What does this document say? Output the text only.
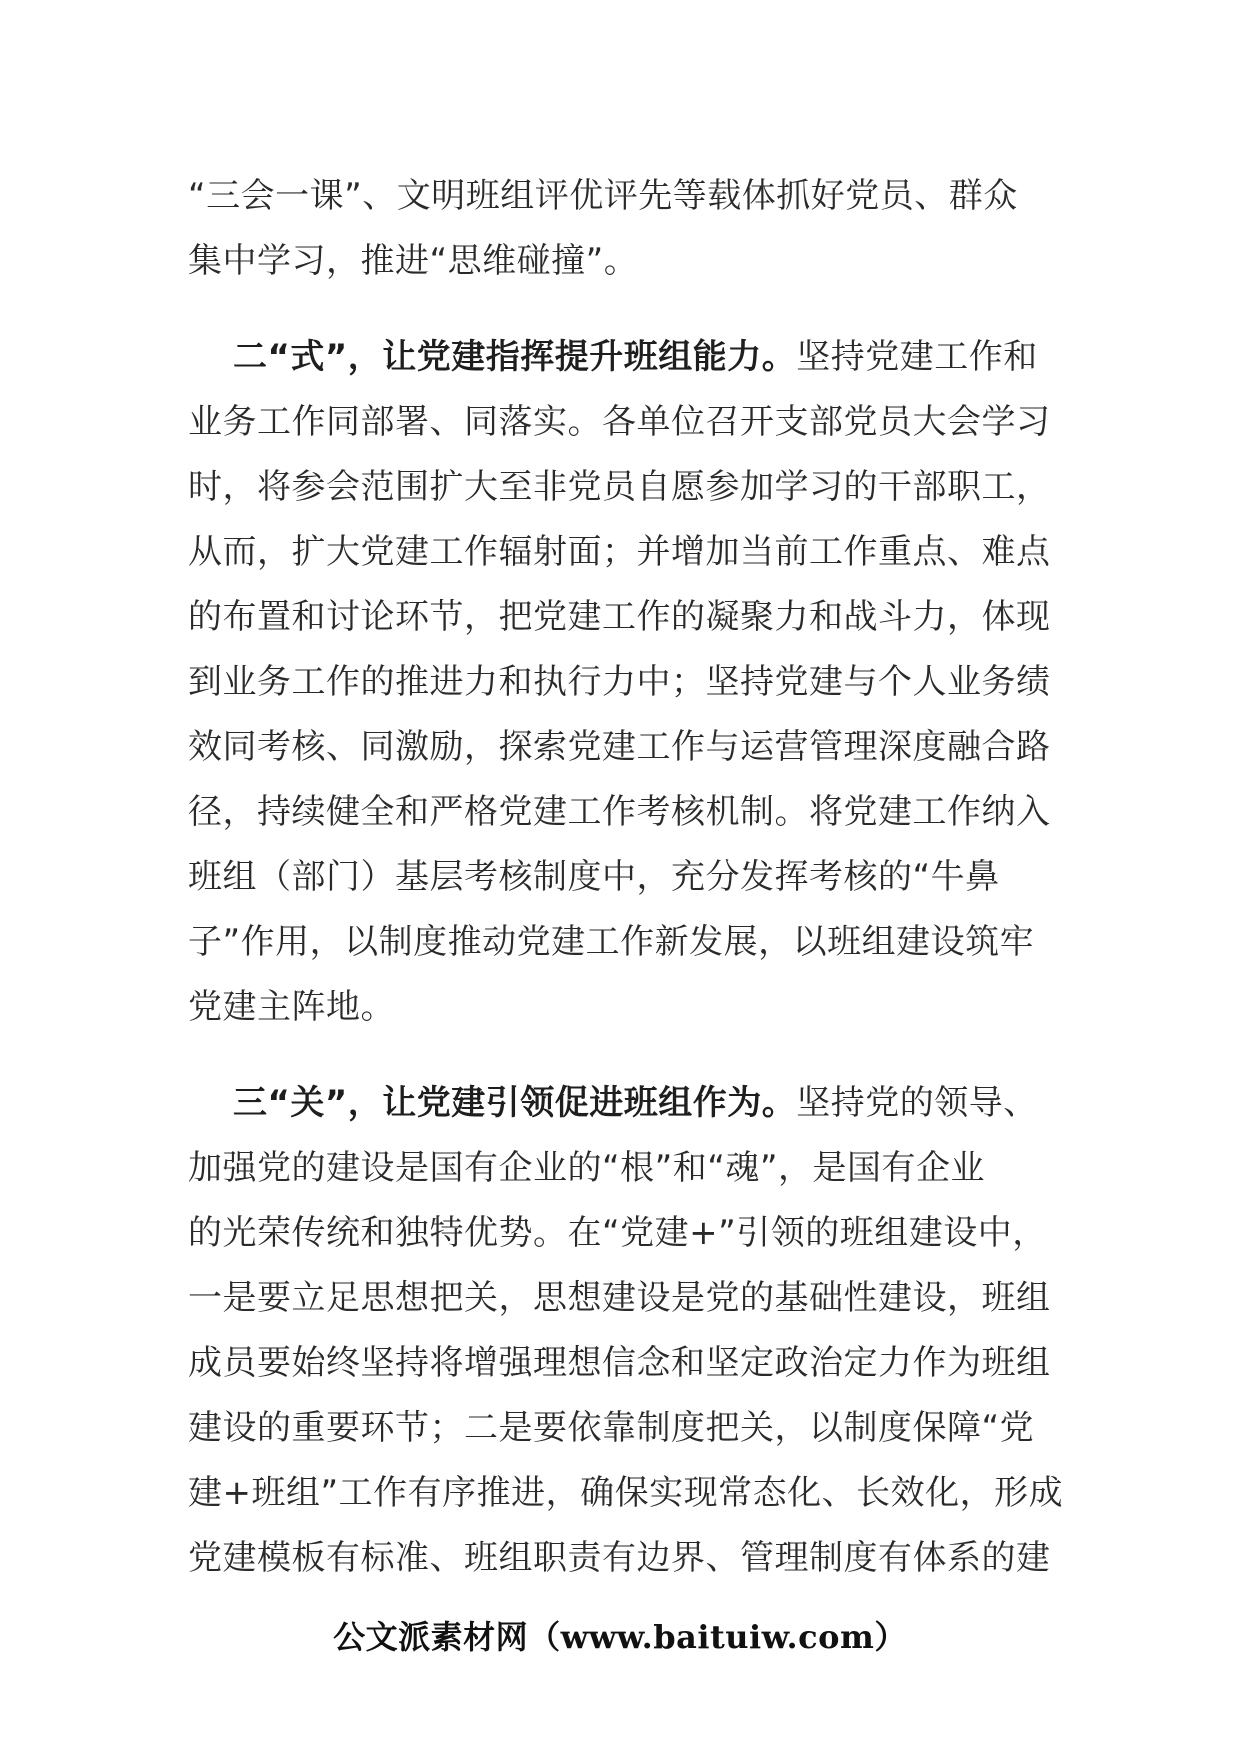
“三会一课”、文明班组评优评先等载体抓好党员、群众
集中学习，推进“思维碰撞”。
二“式”，让党建指挥提升班组能力。坚持党建工作和
业务工作同部署、同落实。各单位召开支部党员大会学习
时，将参会范围扩大至非党员自愿参加学习的干部职工，
从而，扩大党建工作辐射面；并增加当前工作重点、难点
的布置和讨论环节，把党建工作的凝聚力和战斗力，体现
到业务工作的推进力和执行力中；坚持党建与个人业务绩
效同考核、同激励，探索党建工作与运营管理深度融合路
径，持续健全和严格党建工作考核机制。将党建工作纳入
班组（部门）基层考核制度中，充分发挥考核的“牛鼻
子”作用，以制度推动党建工作新发展，以班组建设筑牢
党建主阵地。
三“关”，让党建引领促进班组作为。坚持党的领导、
加强党的建设是国有企业的“根”和“魂”，是国有企业
的光荣传统和独特优势。在“党建+”引领的班组建设中，
一是要立足思想把关，思想建设是党的基础性建设，班组
成员要始终坚持将增强理想信念和坚定政治定力作为班组
建设的重要环节；二是要依靠制度把关，以制度保障“党
建+班组”工作有序推进，确保实现常态化、长效化，形成
党建模板有标准、班组职责有边界、管理制度有体系的建
公文派素材网（www.baituiw.com）
